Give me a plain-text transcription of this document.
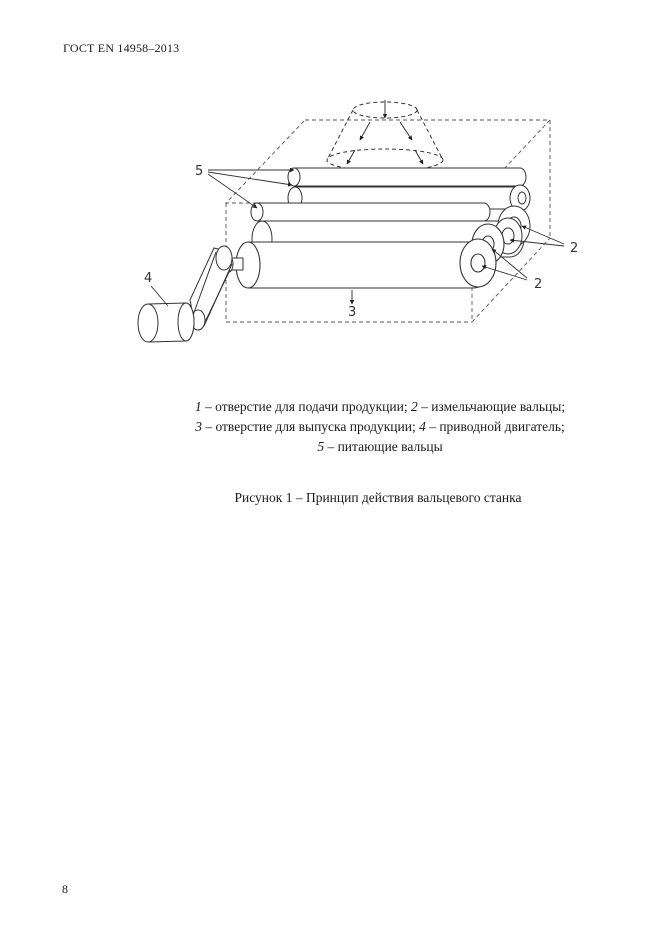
ГОСТ EN 14958–2013
5
2
2
3
4
1 – отверстие для подачи продукции; 2 – измельчающие вальцы;
3 – отверстие для выпуска продукции; 4 – приводной двигатель;
5 – питающие вальцы
Рисунок 1 – Принцип действия вальцевого станка
8
